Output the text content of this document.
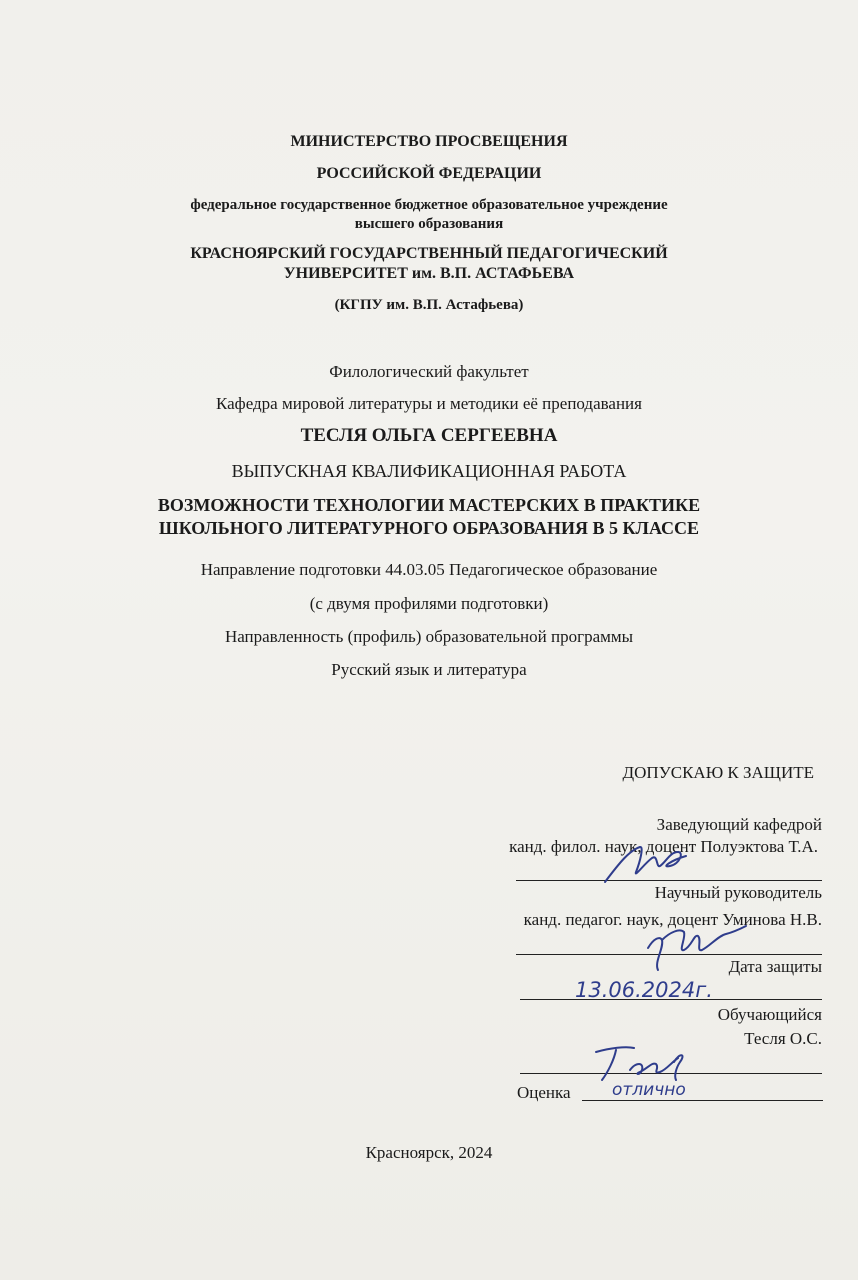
МИНИСТЕРСТВО ПРОСВЕЩЕНИЯ
РОССИЙСКОЙ ФЕДЕРАЦИИ
федеральное государственное бюджетное образовательное учреждение
высшего образования
КРАСНОЯРСКИЙ ГОСУДАРСТВЕННЫЙ ПЕДАГОГИЧЕСКИЙ
УНИВЕРСИТЕТ им. В.П. АСТАФЬЕВА
(КГПУ им. В.П. Астафьева)
Филологический факультет
Кафедра мировой литературы и методики её преподавания
ТЕСЛЯ ОЛЬГА СЕРГЕЕВНА
ВЫПУСКНАЯ КВАЛИФИКАЦИОННАЯ РАБОТА
ВОЗМОЖНОСТИ ТЕХНОЛОГИИ МАСТЕРСКИХ В ПРАКТИКЕ
ШКОЛЬНОГО ЛИТЕРАТУРНОГО ОБРАЗОВАНИЯ В 5 КЛАССЕ
Направление подготовки 44.03.05 Педагогическое образование
(с двумя профилями подготовки)
Направленность (профиль) образовательной программы
Русский язык и литература
ДОПУСКАЮ К ЗАЩИТЕ
Заведующий кафедрой
канд. филол. наук, доцент Полуэктова Т.А.
Научный руководитель
канд. педагог. наук, доцент Уминова Н.В.
Дата защиты
13.06.2024г.
Обучающийся
Тесля О.С.
Оценка отлично
Красноярск, 2024
